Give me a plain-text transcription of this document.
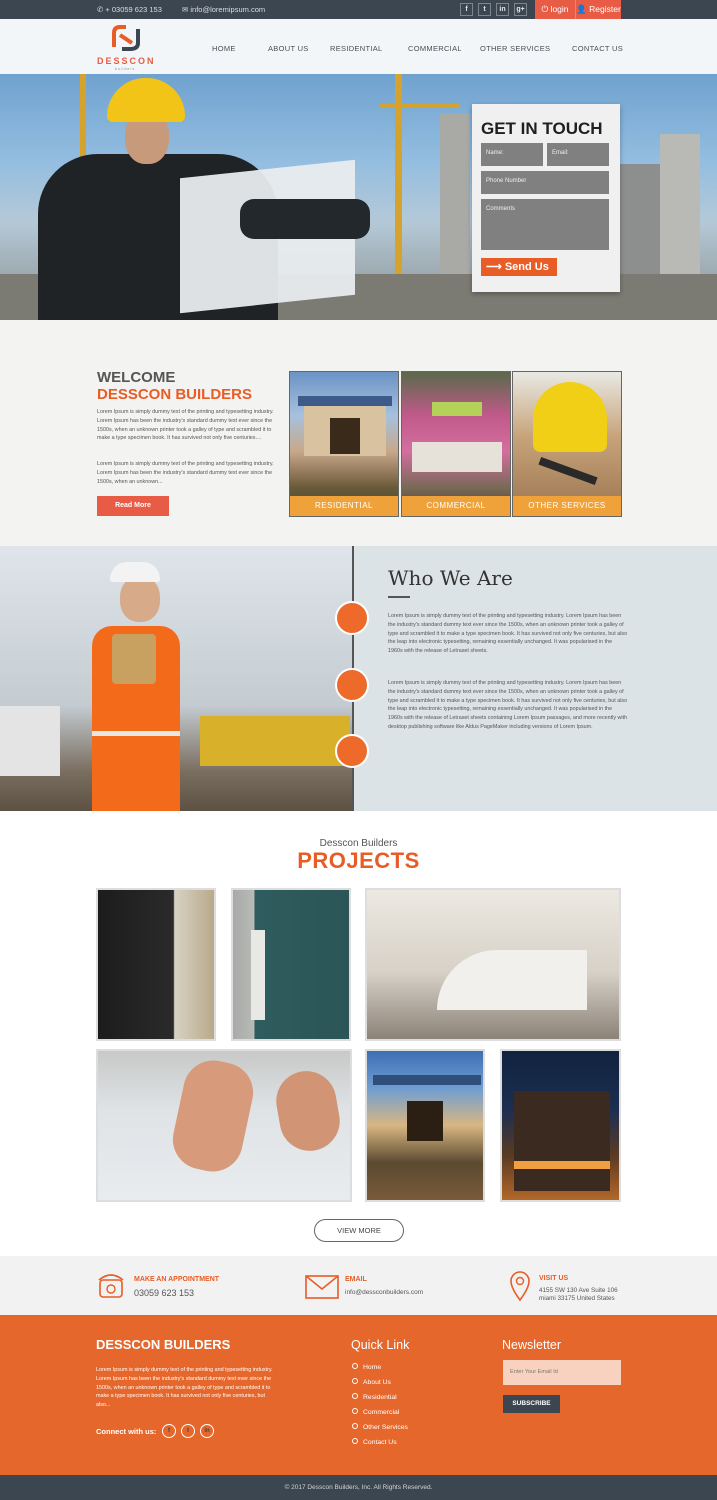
✆ + 03059 623 153	✉ info@loremipsum.com	f	t	in	g+	⏻ login 👤 Register
DESSCON
builders
HOME	ABOUT US	RESIDENTIAL	COMMERCIAL OTHER SERVICES	CONTACT US
GET IN TOUCH
Name:	Email:
Phone Number
Comments
⟶ Send Us
WELCOME
DESSCON BUILDERS
Lorem Ipsum is simply dummy text of the printing and typesetting industry. Lorem Ipsum has been the industry's standard dummy text ever since the 1500s, when an unknown printer took a galley of type and scrambled it to make a type specimen book. It has survived not only five centuries....
Lorem Ipsum is simply dummy text of the printing and typesetting industry. Lorem Ipsum has been the industry's standard dummy text ever since the 1500s, when an unknown...
Read More	RESIDENTIAL	COMMERCIAL	OTHER SERVICES
Who We Are
Lorem Ipsum is simply dummy text of the printing and typesetting industry. Lorem Ipsum has been the industry's standard dummy text ever since the 1500s, when an unknown printer took a galley of type and scrambled it to make a type specimen book. It has survived not only five centuries, but also the leap into electronic typesetting, remaining essentially unchanged. It was popularised in the 1960s with the release of Letraset sheets.
Lorem Ipsum is simply dummy text of the printing and typesetting industry. Lorem Ipsum has been the industry's standard dummy text ever since the 1500s, when an unknown printer took a galley of type and scrambled it to make a type specimen book. It has survived not only five centuries, but also the leap into electronic typesetting, remaining essentially unchanged. It was popularised in the 1960s with the release of Letraset sheets containing Lorem Ipsum passages, and more recently with desktop publishing software like Aldus PageMaker including versions of Lorem Ipsum.
Desscon Builders
PROJECTS
VIEW MORE
MAKE AN APPOINTMENT
03059 623 153
EMAIL
info@dessconbuilders.com
VISIT US
4155 SW 130 Ave Suite 106
miami 33175 United States
DESSCON BUILDERS
Lorem Ipsum is simply dummy text of the printing and typesetting industry. Lorem Ipsum has been the industry's standard dummy text ever since the 1500s, when an unknown printer took a galley of type and scrambled it to make a type specimen book. It has survived not only five centuries, but also...
Connect with us:	f	t	in
Quick Link
Home
About Us
Residential
Commercial
Other Services
Contact Us
Newsletter
Enter Your Email Id
SUBSCRIBE
© 2017 Desscon Builders, Inc. All Rights Reserved.
